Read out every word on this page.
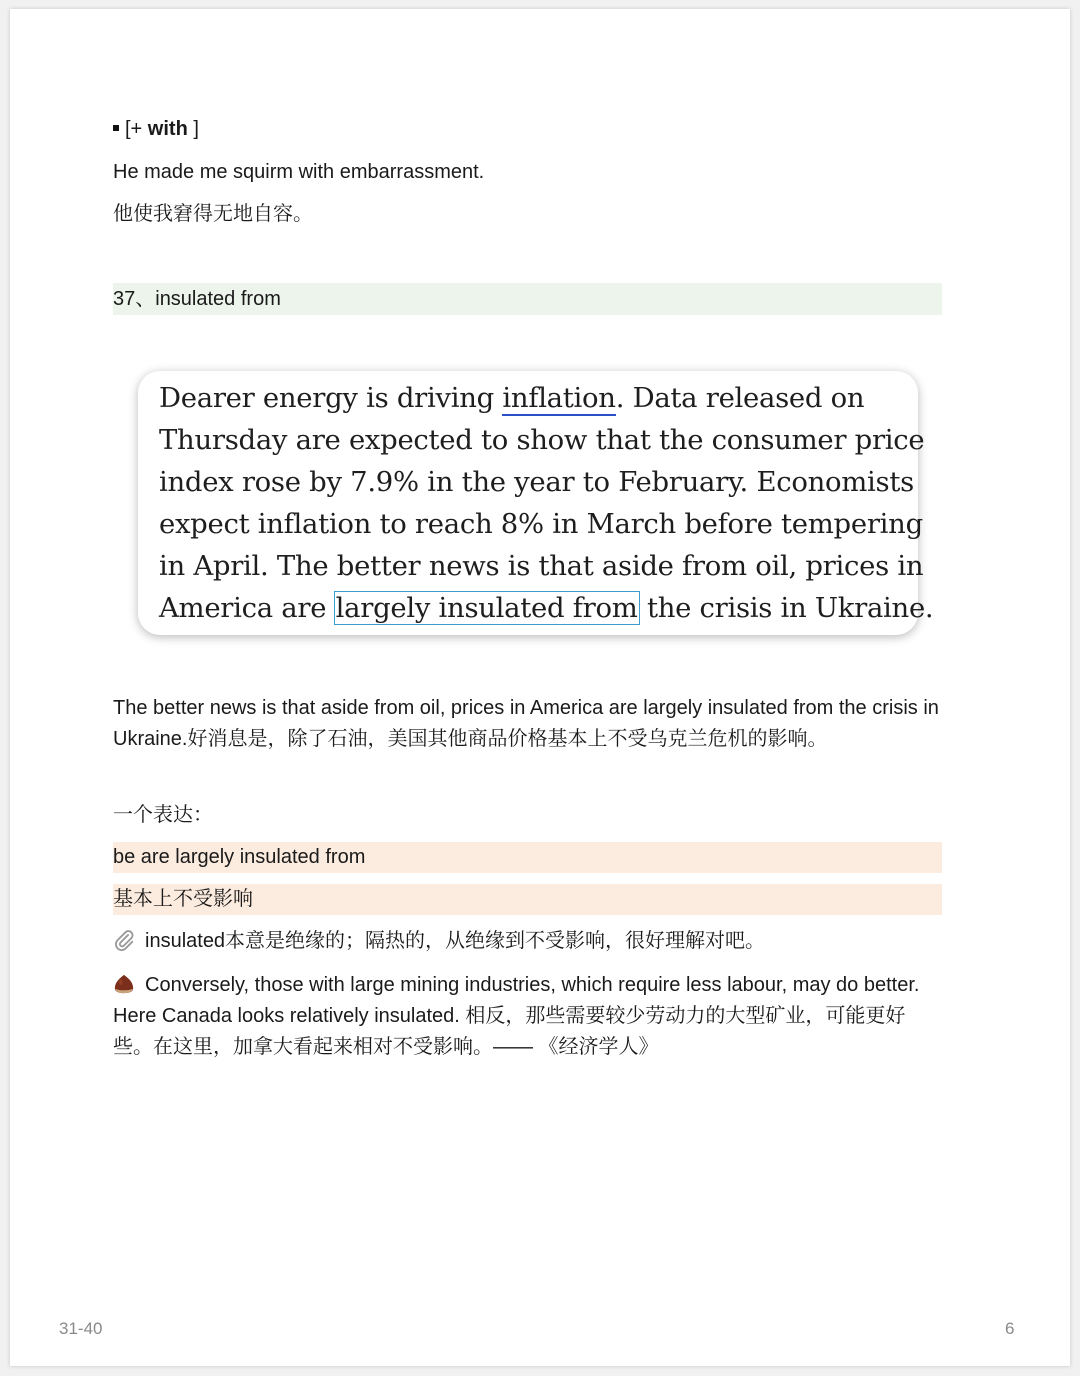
[+ with ]
He made me squirm with embarrassment.
他使我窘得无地自容。
37、insulated from
Dearer energy is driving inflation. Data released on
Thursday are expected to show that the consumer price
index rose by 7.9% in the year to February. Economists
expect inflation to reach 8% in March before tempering
in April. The better news is that aside from oil, prices in
America are largely insulated from the crisis in Ukraine.
The better news is that aside from oil, prices in America are largely insulated from the crisis in Ukraine.好消息是，除了石油，美国其他商品价格基本上不受乌克兰危机的影响。
一个表达：
be are largely insulated from
基本上不受影响
insulated本意是绝缘的；隔热的，从绝缘到不受影响，很好理解对吧。
Conversely, those with large mining industries, which require less labour, may do better. Here Canada looks relatively insulated. 相反，那些需要较少劳动力的大型矿业，可能更好些。在这里，加拿大看起来相对不受影响。—— 《经济学人》
31-40	6
